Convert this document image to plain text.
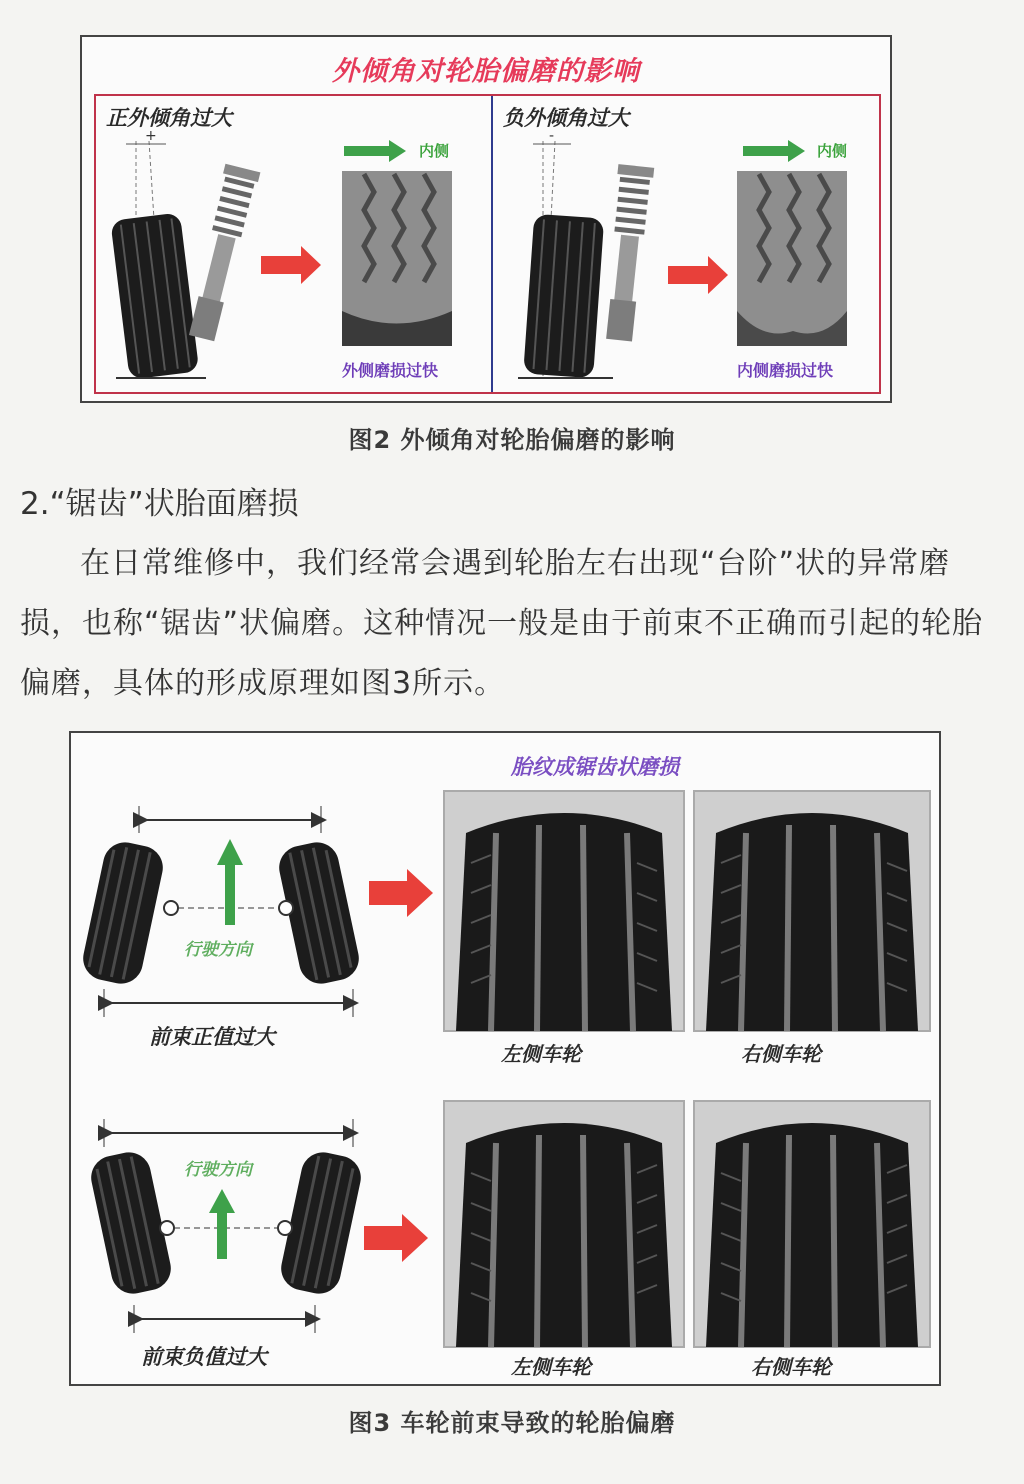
外倾角对轮胎偏磨的影响
正外倾角过大
+
内侧
外侧磨损过快
负外倾角过大
-
内侧
内侧磨损过快
图2 外倾角对轮胎偏磨的影响
2.“锯齿”状胎面磨损
在日常维修中，我们经常会遇到轮胎左右出现“台阶”状的异常磨损，也称“锯齿”状偏磨。这种情况一般是由于前束不正确而引起的轮胎偏磨，具体的形成原理如图3所示。
胎纹成锯齿状磨损
行驶方向
前束正值过大
左侧车轮	右侧车轮
行驶方向
前束负值过大	左侧车轮	右侧车轮
图3 车轮前束导致的轮胎偏磨
